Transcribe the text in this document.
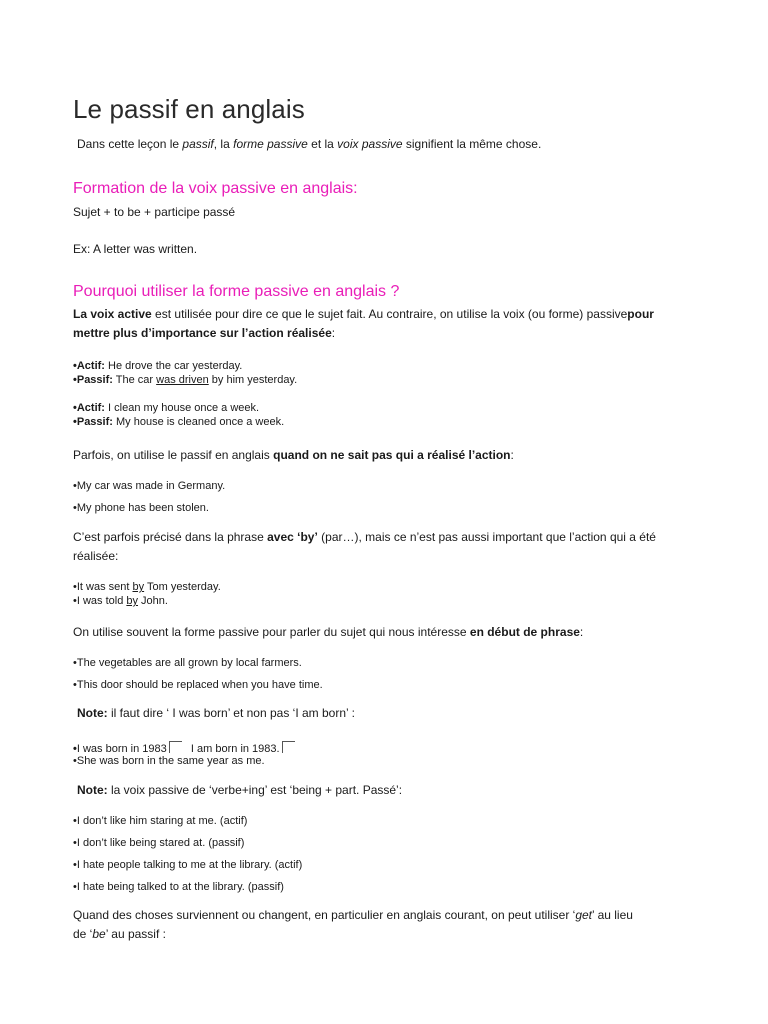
Le passif en anglais
Dans cette leçon le passif, la forme passive et la voix passive signifient la même chose.
Formation de la voix passive en anglais:
Sujet + to be + participe passé
Ex: A letter was written.
Pourquoi utiliser la forme passive en anglais ?
La voix active est utilisée pour dire ce que le sujet fait. Au contraire, on utilise la voix (ou forme) passivepour
mettre plus d’importance sur l’action réalisée:
•Actif: He drove the car yesterday.
•Passif: The car was driven by him yesterday.
•Actif: I clean my house once a week.
•Passif: My house is cleaned once a week.
Parfois, on utilise le passif en anglais quand on ne sait pas qui a réalisé l’action:
•My car was made in Germany.
•My phone has been stolen.
C’est parfois précisé dans la phrase avec ‘by’ (par…), mais ce n’est pas aussi important que l’action qui a été
réalisée:
•It was sent by Tom yesterday.
•I was told by John.
On utilise souvent la forme passive pour parler du sujet qui nous intéresse en début de phrase:
•The vegetables are all grown by local farmers.
•This door should be replaced when you have time.
Note: il faut dire ‘ I was born’ et non pas ‘I am born’ :
•I was born in 1983 I am born in 1983.
•She was born in the same year as me.
Note: la voix passive de ‘verbe+ing’ est ‘being + part. Passé’:
•I don’t like him staring at me. (actif)
•I don’t like being stared at. (passif)
•I hate people talking to me at the library. (actif)
•I hate being talked to at the library. (passif)
Quand des choses surviennent ou changent, en particulier en anglais courant, on peut utiliser ‘get’ au lieu
de ‘be’ au passif :
